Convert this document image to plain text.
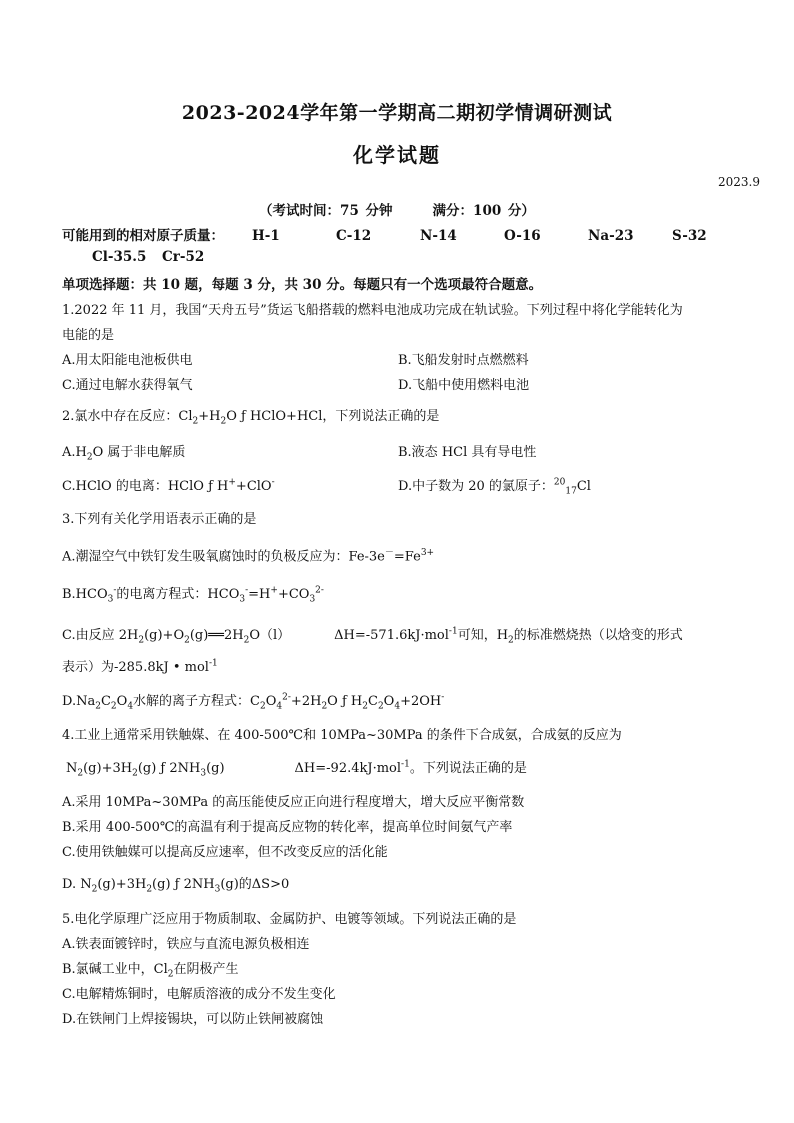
2023-2024学年第一学期高二期初学情调研测试
化学试题
2023.9
（考试时间：75 分钟	满分：100 分）
可能用到的相对原子质量： H-1	C-12	N-14	O-16	Na-23	S-32
Cl-35.5 Cr-52
单项选择题：共 10 题，每题 3 分，共 30 分。每题只有一个选项最符合题意。
1.2022 年 11 月，我国“天舟五号”货运飞船搭载的燃料电池成功完成在轨试验。下列过程中将化学能转化为
电能的是
A.用太阳能电池板供电	B.飞船发射时点燃燃料
C.通过电解水获得氧气	D.飞船中使用燃料电池
2.氯水中存在反应：$Cl_2+H_2O$ ƒ HClO+HCl，下列说法正确的是
$A.H_2O$ 属于非电解质	B.液态 HCl 具有导电性
C.HClO 的电离：HClO ƒ H++ClO-	D.中子数为 20 的氯原子：$^{20}_{17}$Cl
3.下列有关化学用语表示正确的是
A.潮湿空气中铁钉发生吸氧腐蚀时的负极反应为：$Fe-3e^-=Fe^{3+}$
$B.HCO_3^-$的电离方程式：$HCO_3^-=H^++CO_3^{2-}$
C.由反应 $2H_2(g)+O_2(g)══2H_2O(l)$	ΔH=-571.6kJ·mol$^{-1}$可知，$H_2$的标准燃烧热（以焓变的形式
表示）为-285.8kJ • mol$^{-1}$
$D.Na_2C_2O_4$水解的离子方程式：$C_2O_4^{2-}+2H_2O$ ƒ $H_2C_2O_4+2OH^-$
4.工业上通常采用铁触媒、在 400-500℃和 10MPa~30MPa 的条件下合成氨，合成氨的反应为
$N_2(g)+3H_2(g)$ ƒ $2NH_3(g)$	ΔH=-92.4kJ·mol$^{-1}$。下列说法正确的是
A.采用 10MPa~30MPa 的高压能使反应正向进行程度增大，增大反应平衡常数
B.采用 400-500℃的高温有利于提高反应物的转化率，提高单位时间氨气产率
C.使用铁触媒可以提高反应速率，但不改变反应的活化能
D. $N_2(g)+3H_2(g)$ ƒ $2NH_3(g)$的ΔS>0
5.电化学原理广泛应用于物质制取、金属防护、电镀等领域。下列说法正确的是
A.铁表面镀锌时，铁应与直流电源负极相连
B.氯碱工业中，$Cl_2$在阴极产生
C.电解精炼铜时，电解质溶液的成分不发生变化
D.在铁闸门上焊接锡块，可以防止铁闸被腐蚀
